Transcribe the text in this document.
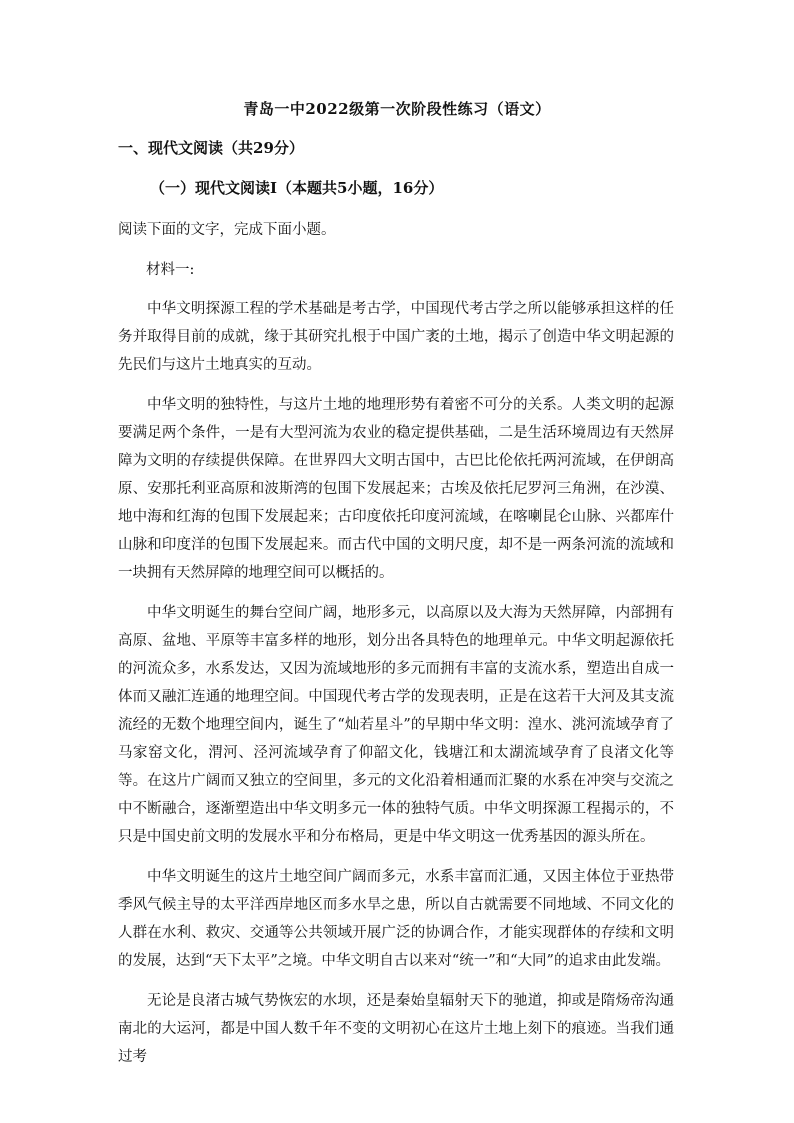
青岛一中2022级第一次阶段性练习（语文）
一、现代文阅读（共29分）
（一）现代文阅读Ⅰ（本题共5小题，16分）
阅读下面的文字，完成下面小题。
材料一:

中华文明探源工程的学术基础是考古学，中国现代考古学之所以能够承担这样的任务并取得目前的成就，缘于其研究扎根于中国广袤的土地，揭示了创造中华文明起源的先民们与这片土地真实的互动。

中华文明的独特性，与这片土地的地理形势有着密不可分的关系。人类文明的起源要满足两个条件，一是有大型河流为农业的稳定提供基础，二是生活环境周边有天然屏障为文明的存续提供保障。在世界四大文明古国中，古巴比伦依托两河流域，在伊朗高原、安那托利亚高原和波斯湾的包围下发展起来；古埃及依托尼罗河三角洲，在沙漠、地中海和红海的包围下发展起来；古印度依托印度河流域，在喀喇昆仑山脉、兴都库什山脉和印度洋的包围下发展起来。而古代中国的文明尺度，却不是一两条河流的流域和一块拥有天然屏障的地理空间可以概括的。

中华文明诞生的舞台空间广阔，地形多元，以高原以及大海为天然屏障，内部拥有高原、盆地、平原等丰富多样的地形，划分出各具特色的地理单元。中华文明起源依托的河流众多，水系发达，又因为流域地形的多元而拥有丰富的支流水系，塑造出自成一体而又融汇连通的地理空间。中国现代考古学的发现表明，正是在这若干大河及其支流流经的无数个地理空间内，诞生了“灿若星斗”的早期中华文明：湟水、洮河流域孕育了马家窑文化，渭河、泾河流域孕育了仰韶文化，钱塘江和太湖流域孕育了良渚文化等等。在这片广阔而又独立的空间里，多元的文化沿着相通而汇聚的水系在冲突与交流之中不断融合，逐渐塑造出中华文明多元一体的独特气质。中华文明探源工程揭示的，不只是中国史前文明的发展水平和分布格局，更是中华文明这一优秀基因的源头所在。

中华文明诞生的这片土地空间广阔而多元，水系丰富而汇通，又因主体位于亚热带季风气候主导的太平洋西岸地区而多水旱之患，所以自古就需要不同地域、不同文化的人群在水利、救灾、交通等公共领域开展广泛的协调合作，才能实现群体的存续和文明的发展，达到“天下太平”之境。中华文明自古以来对“统一”和“大同”的追求由此发端。

无论是良渚古城气势恢宏的水坝，还是秦始皇辐射天下的驰道，抑或是隋炀帝沟通南北的大运河，都是中国人数千年不变的文明初心在这片土地上刻下的痕迹。当我们通过考
